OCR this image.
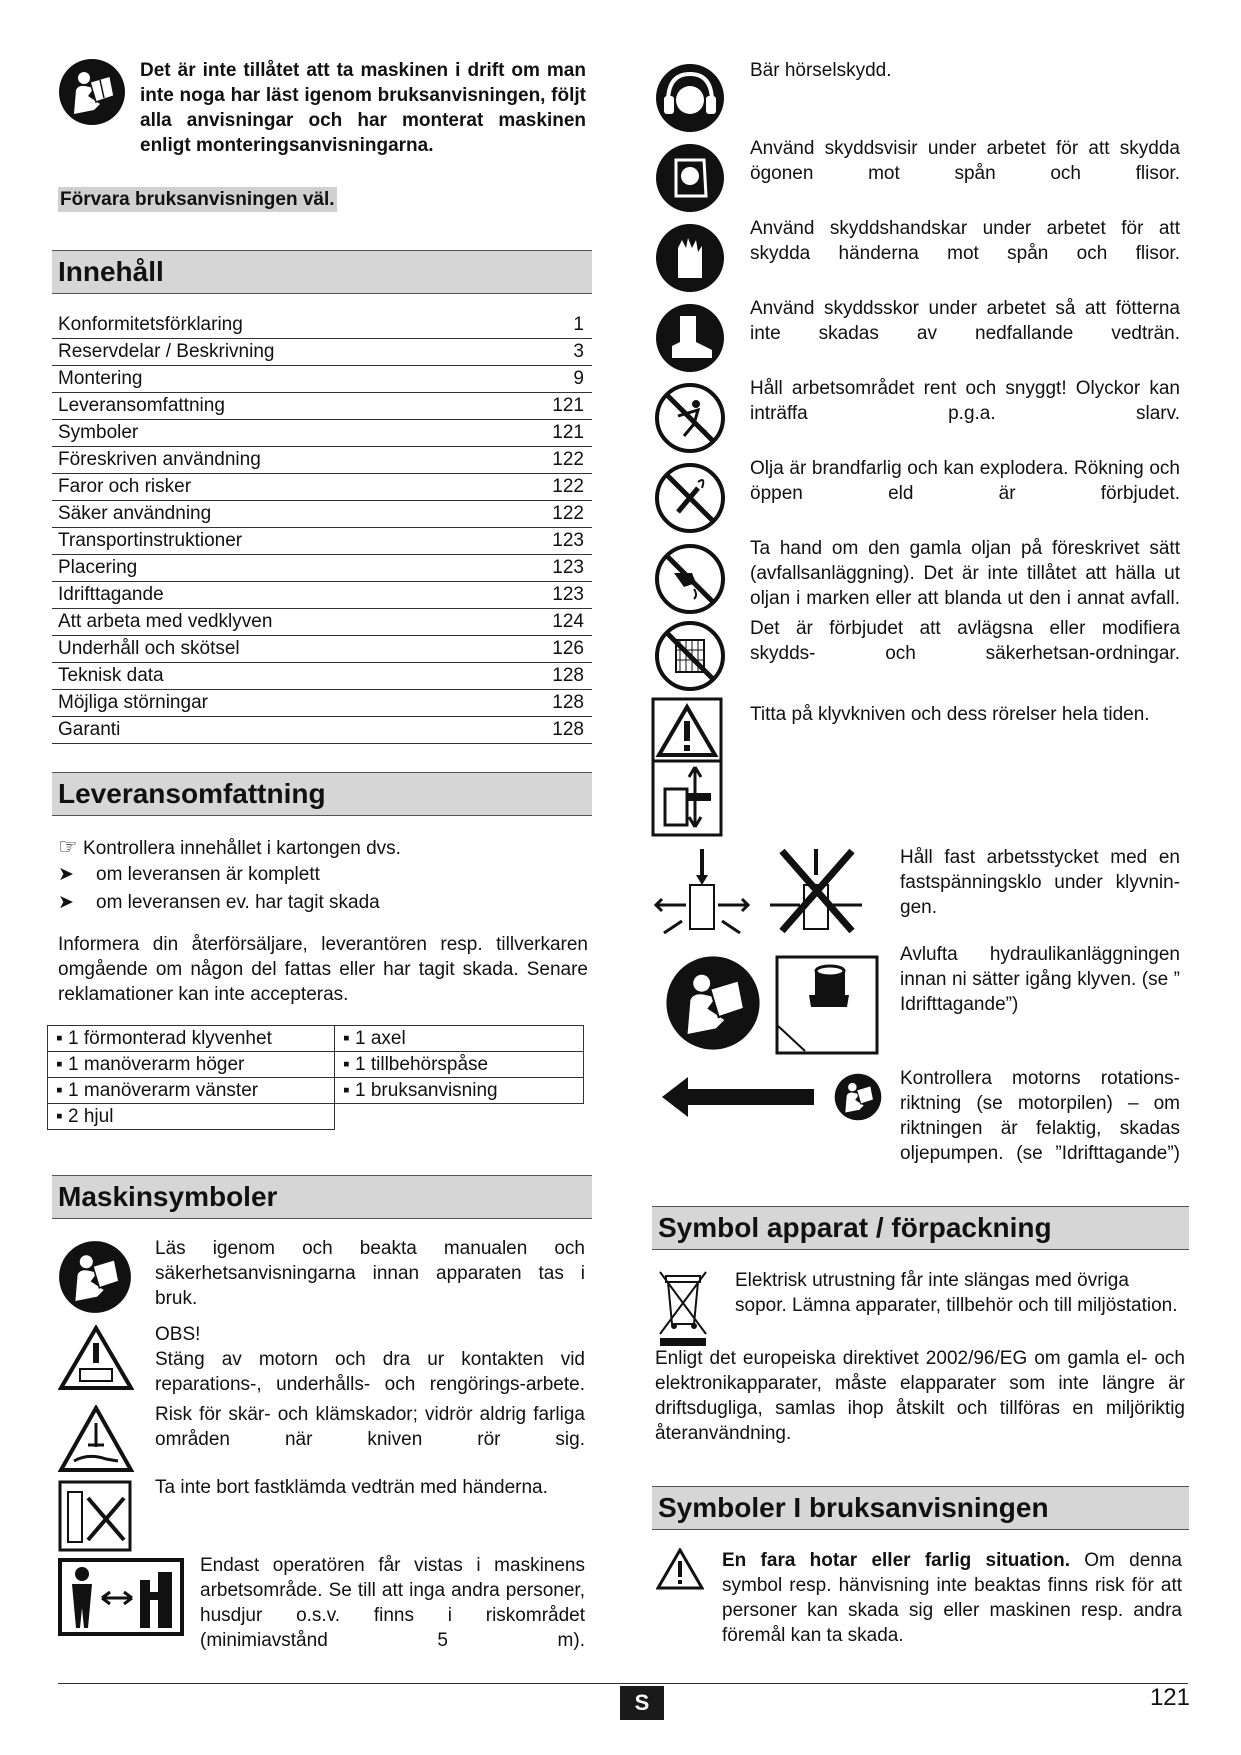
Det är inte tillåtet att ta maskinen i drift om man inte noga har läst igenom bruksanvisningen, följt alla anvisningar och har monterat maskinen enligt monteringsanvisningarna.
Förvara bruksanvisningen väl.
Innehåll
Konformitetsförklaring	1
Reservdelar / Beskrivning	3
Montering	9
Leveransomfattning	121
Symboler	121
Föreskriven användning	122
Faror och risker	122
Säker användning	122
Transportinstruktioner	123
Placering	123
Idrifttagande	123
Att arbeta med vedklyven	124
Underhåll och skötsel	126
Teknisk data	128
Möjliga störningar	128
Garanti	128
Leveransomfattning
☞ Kontrollera innehållet i kartongen dvs.
➤ om leveransen är komplett
➤ om leveransen ev. har tagit skada
Informera din återförsäljare, leverantören resp. tillverkaren omgående om någon del fattas eller har tagit skada. Senare reklamationer kan inte accepteras.
▪ 1 förmonterad klyvenhet	▪ 1 axel
▪ 1 manöverarm höger	▪ 1 tillbehörspåse
▪ 1 manöverarm vänster	▪ 1 bruksanvisning
▪ 2 hjul	
Maskinsymboler
Läs igenom och beakta manualen och säkerhetsanvisningarna innan apparaten tas i bruk.
OBS!
Stäng av motorn och dra ur kontakten vid reparations-, underhålls- och rengörings-arbete.
Risk för skär- och klämskador; vidrör aldrig farliga områden när kniven rör sig.
Ta inte bort fastklämda vedträn med händerna.
Endast operatören får vistas i maskinens arbetsområde. Se till att inga andra personer, husdjur o.s.v. finns i riskområdet (minimiavstånd 5 m).
Bär hörselskydd.
Använd skyddsvisir under arbetet för att skydda ögonen mot spån och flisor.
Använd skyddshandskar under arbetet för att skydda händerna mot spån och flisor.
Använd skyddsskor under arbetet så att fötterna inte skadas av nedfallande vedträn.
Håll arbetsområdet rent och snyggt! Olyckor kan inträffa p.g.a. slarv.
Olja är brandfarlig och kan explodera. Rökning och öppen eld är förbjudet.
Ta hand om den gamla oljan på föreskrivet sätt (avfallsanläggning). Det är inte tillåtet att hälla ut oljan i marken eller att blanda ut den i annat avfall.
Det är förbjudet att avlägsna eller modifiera skydds- och säkerhetsan-ordningar.
Titta på klyvkniven och dess rörelser hela tiden.
Håll fast arbetsstycket med en fastspänningsklo under klyvnin-gen.
Avlufta hydraulikanläggningen innan ni sätter igång klyven. (se ” Idrifttagande”)
Kontrollera motorns rotations-riktning (se motorpilen) – om riktningen är felaktig, skadas oljepumpen. (se ”Idrifttagande”)
Symbol apparat / förpackning
Elektrisk utrustning får inte slängas med övriga sopor. Lämna apparater, tillbehör och till miljöstation.
Enligt det europeiska direktivet 2002/96/EG om gamla el- och elektronikapparater, måste elapparater som inte längre är driftsdugliga, samlas ihop åtskilt och tillföras en miljöriktig återanvändning.
Symboler I bruksanvisningen
En fara hotar eller farlig situation. Om denna symbol resp. hänvisning inte beaktas finns risk för att personer kan skada sig eller maskinen resp. andra föremål kan ta skada.
S	121
